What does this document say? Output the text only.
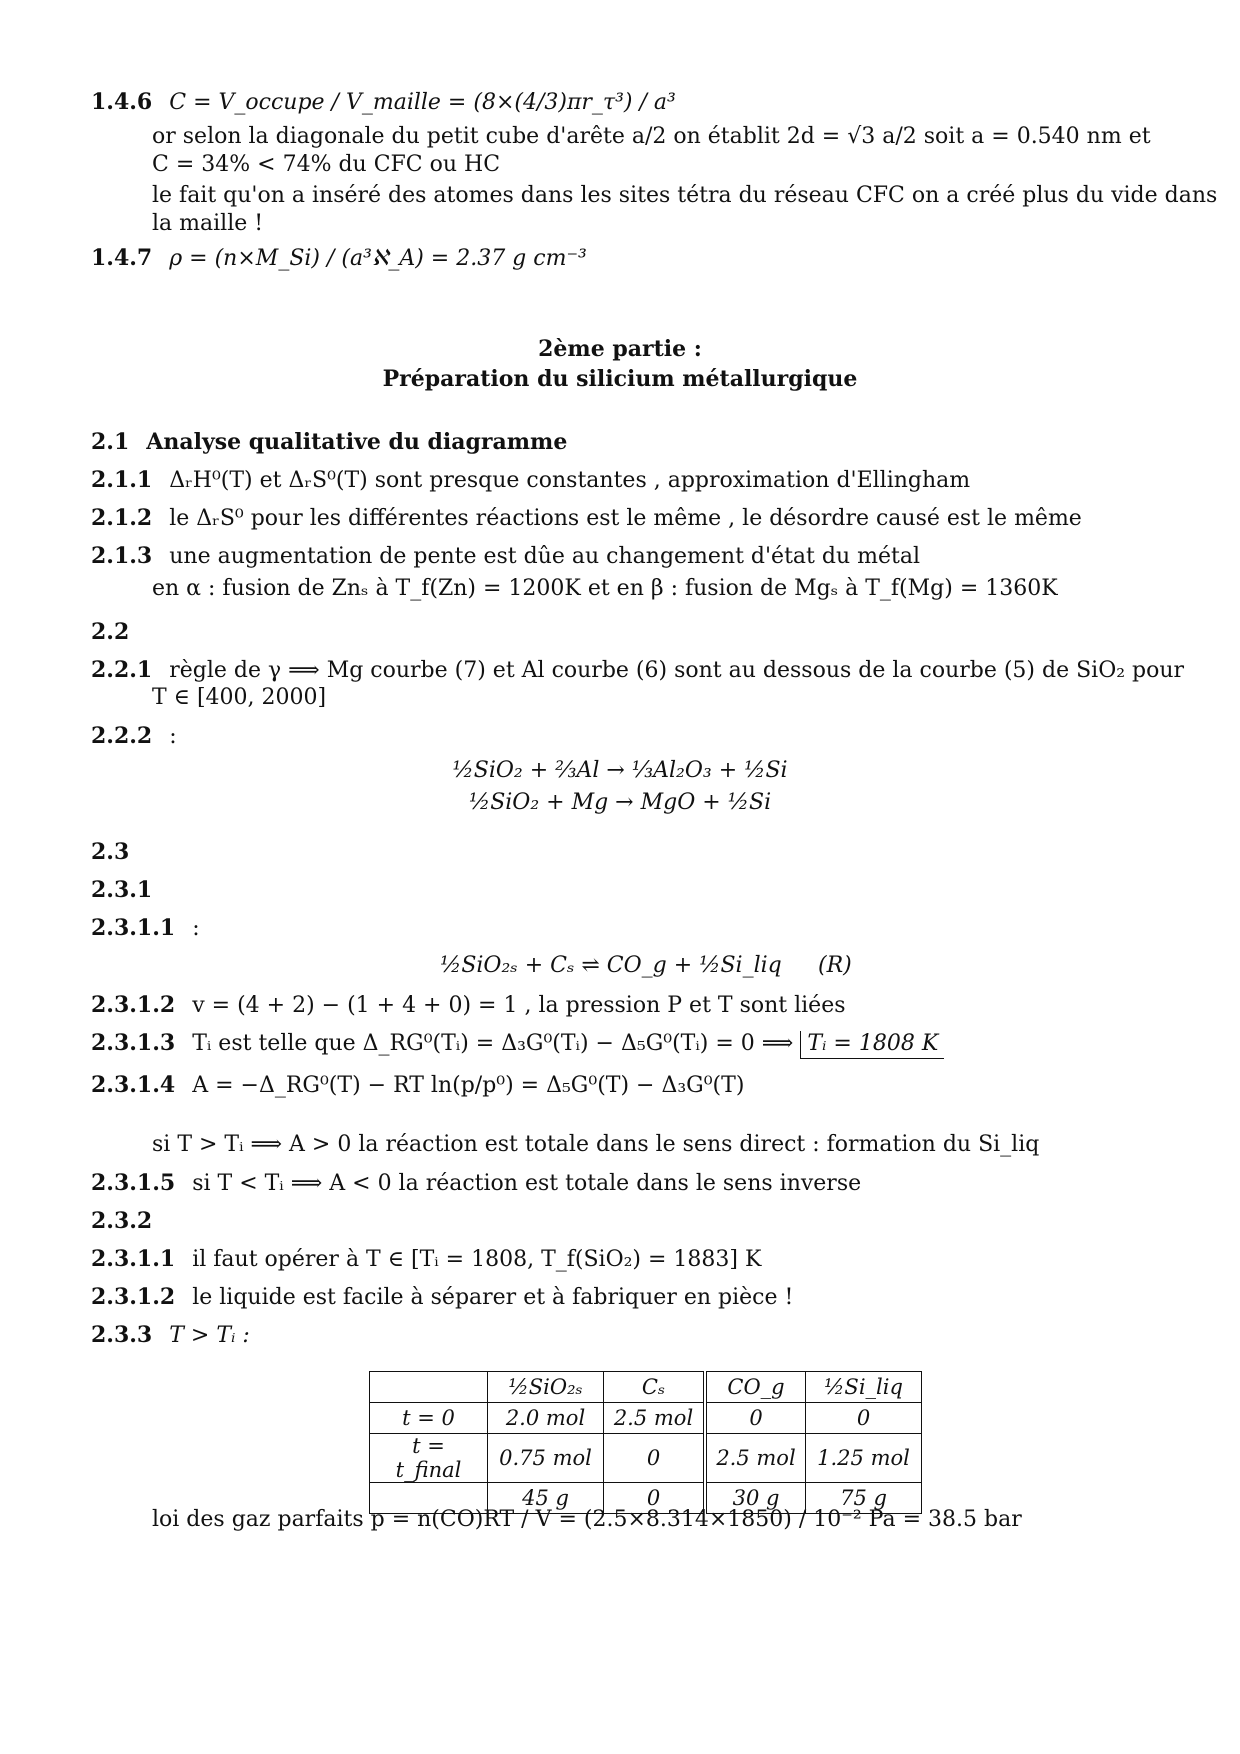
1.4.6 C = V_occupe / V_maille = (8×(4/3)πr_τ³) / a³
or selon la diagonale du petit cube d'arête a/2 on établit 2d = √3 a/2 soit a = 0.540 nm et
C = 34% < 74% du CFC ou HC
le fait qu'on a inséré des atomes dans les sites tétra du réseau CFC on a créé plus du vide dans
la maille !
1.4.7 ρ = (n×M_Si) / (a³ℵ_A) = 2.37 g cm⁻³
2ème partie :
Préparation du silicium métallurgique
2.1 Analyse qualitative du diagramme
2.1.1 ΔᵣH⁰(T) et ΔᵣS⁰(T) sont presque constantes , approximation d'Ellingham
2.1.2 le ΔᵣS⁰ pour les différentes réactions est le même , le désordre causé est le même
2.1.3 une augmentation de pente est dûe au changement d'état du métal
en α : fusion de Znₛ à T_f(Zn) = 1200K et en β : fusion de Mgₛ à T_f(Mg) = 1360K
2.2
2.2.1 règle de γ ⟹ Mg courbe (7) et Al courbe (6) sont au dessous de la courbe (5) de SiO₂ pour
T ∈ [400, 2000]
2.2.2 :
½SiO₂ + ⅔Al → ⅓Al₂O₃ + ½Si
½SiO₂ + Mg → MgO + ½Si
2.3
2.3.1
2.3.1.1 :
½SiO₂ₛ + Cₛ ⇌ CO_g + ½Si_liq (R)
2.3.1.2 v = (4 + 2) − (1 + 4 + 0) = 1 , la pression P et T sont liées
2.3.1.3 Tᵢ est telle que Δ_RG⁰(Tᵢ) = Δ₃G⁰(Tᵢ) − Δ₅G⁰(Tᵢ) = 0 ⟹ Tᵢ = 1808 K
2.3.1.4 A = −Δ_RG⁰(T) − RT ln(p/p⁰) = Δ₅G⁰(T) − Δ₃G⁰(T)
si T > Tᵢ ⟹ A > 0 la réaction est totale dans le sens direct : formation du Si_liq
2.3.1.5 si T < Tᵢ ⟹ A < 0 la réaction est totale dans le sens inverse
2.3.2
2.3.1.1 il faut opérer à T ∈ [Tᵢ = 1808, T_f(SiO₂) = 1883] K
2.3.1.2 le liquide est facile à séparer et à fabriquer en pièce !
2.3.3 T > Tᵢ :
	½SiO₂ₛ	Cₛ	CO_g	½Si_liq
t = 0	2.0 mol	2.5 mol	0	0
t = t_final	0.75 mol	0	2.5 mol	1.25 mol
	45 g	0	30 g	75 g
loi des gaz parfaits p = n(CO)RT / V = (2.5×8.314×1850) / 10⁻² Pa = 38.5 bar
